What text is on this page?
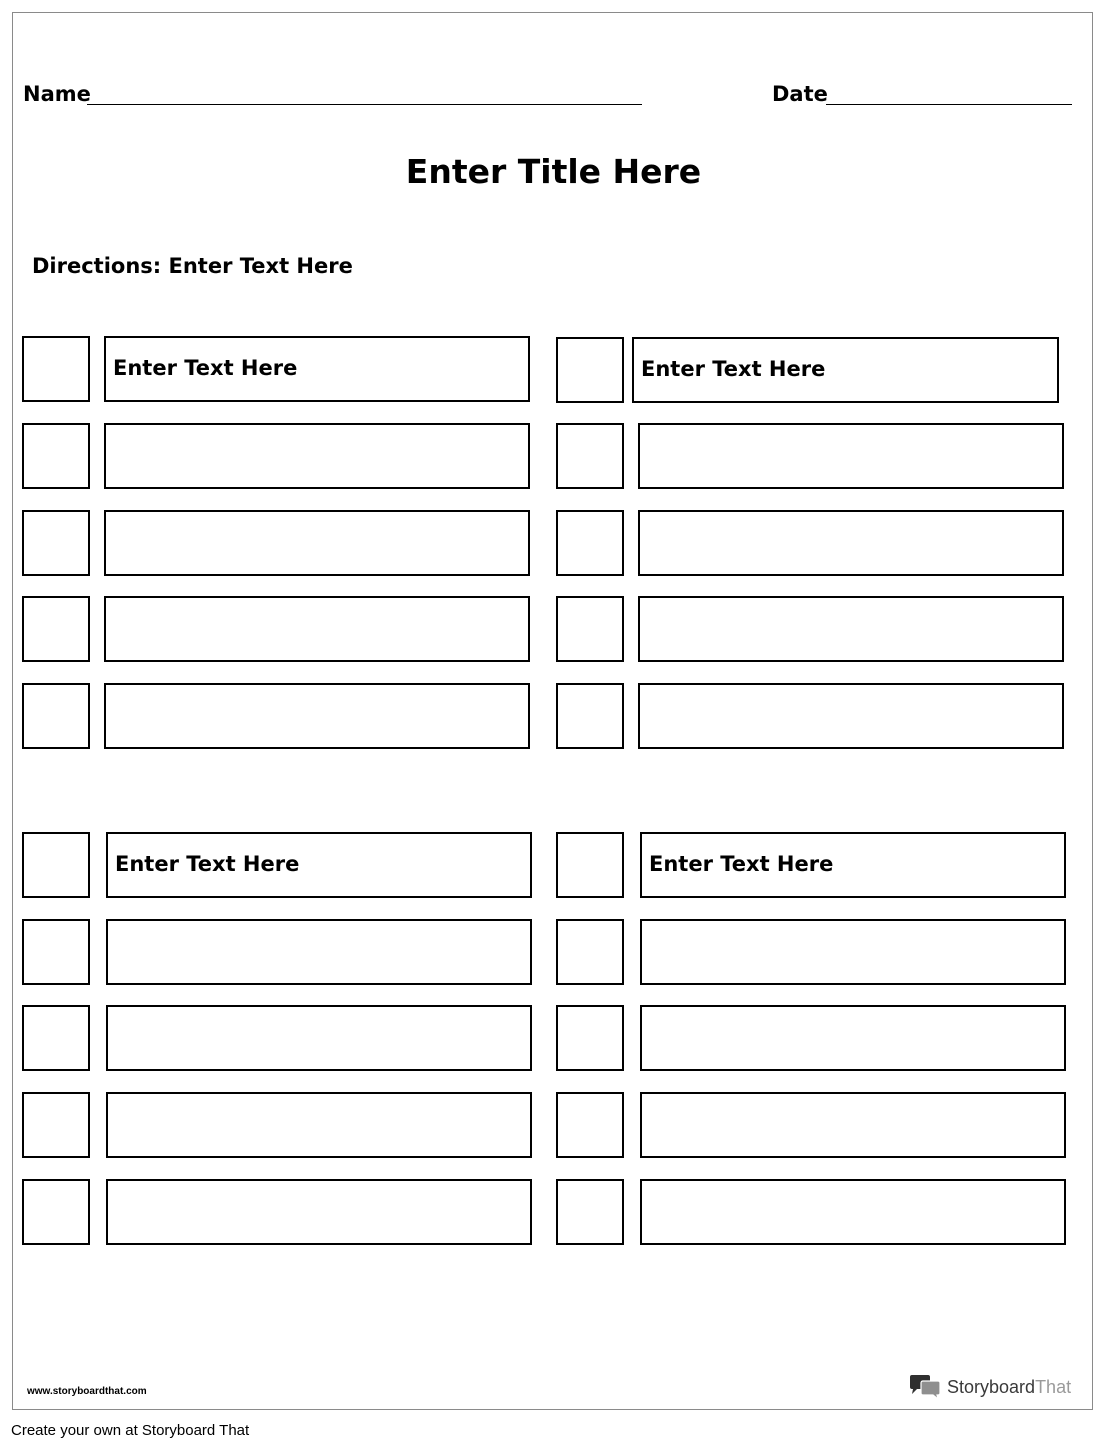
Name	Date
Enter Title Here
Directions: Enter Text Here
Enter Text Here	Enter Text Here
Enter Text Here	Enter Text Here
www.storyboardthat.com	StoryboardThat
Create your own at Storyboard That
